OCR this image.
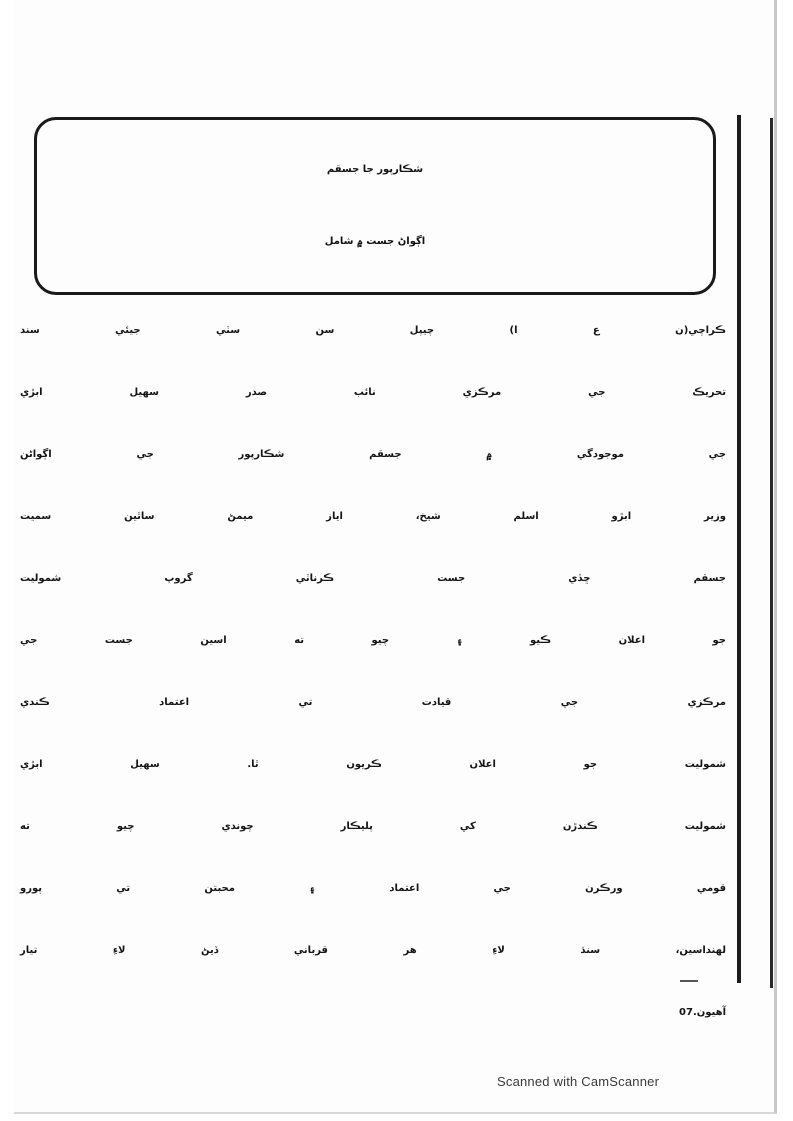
شڪارپور جا جسقم
اڳواڻ جست ۾ شامل
ڪراچي(ن ع ا) چيپل سن سٽي جيئي سند
تحريڪ جي مرڪزي نائب صدر سهيل ابڙي
جي موجودگي ۾ جسقم شڪارپور جي اڳواڻن
وزير ابڙو اسلم شيخ، اياز ميمڻ ساٿين سميت
جسقم ڇڏي جست ڪرناٽي گروپ شموليت
جو اعلان ڪيو ۽ چيو ته اسين جست جي
مرڪزي جي قيادت تي اعتماد ڪندي
شموليت جو اعلان ڪريون ٿا. سهيل ابڙي
شموليت ڪندڙن کي پليڪار چوندي چيو ته
قومي ورڪرن جي اعتماد ۽ محبتن تي پورو
لهنداسين، سنڌ لاءِ هر قرباني ڏيڻ لاءِ تيار
آهيون.07
Scanned with CamScanner
